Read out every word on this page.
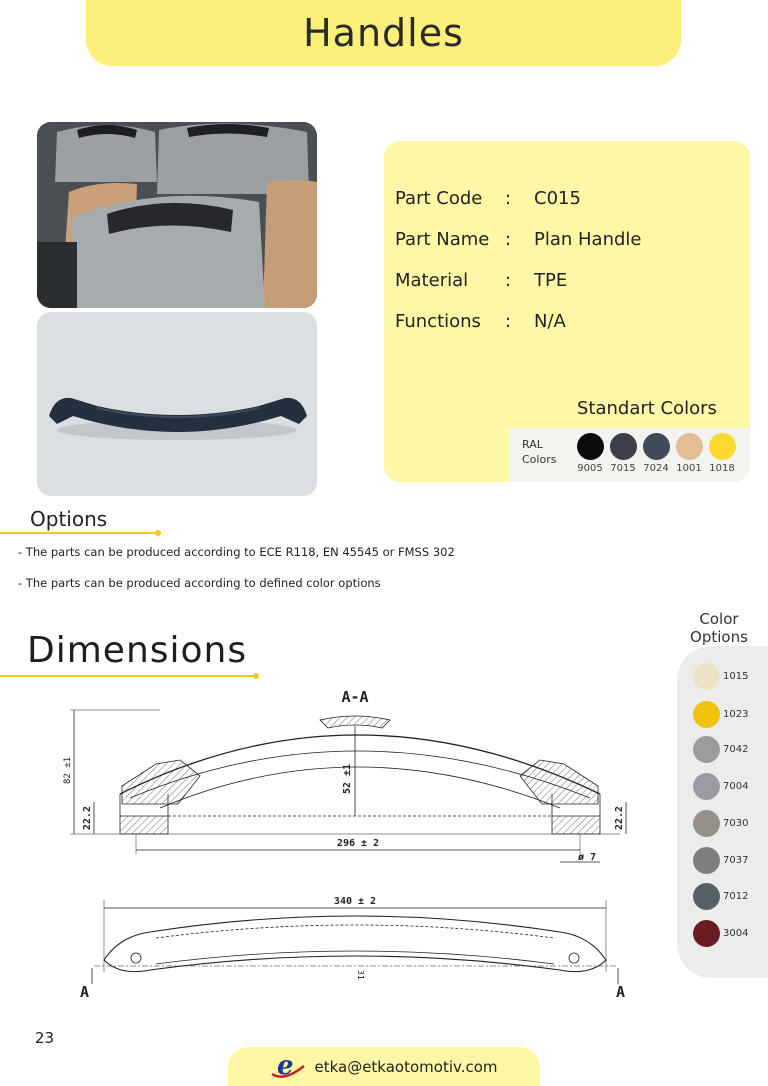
Handles
Part Code : C015
Part Name : Plan Handle
Material : TPE
Functions : N/A
Standart Colors
RAL
Colors
9005 7015 7024 1001 1018
Options
- The parts can be produced according to ECE R118, EN 45545 or FMSS 302
- The parts can be produced according to defined color options
Dimensions
A-A
82 ±1	52 ±1
22.2	22.2
296 ± 2
ø 7
340 ± 2
31
A	A
Color
Options
1015
1023
7042
7004
7030
7037
7012
3004
23
e etka@etkaotomotiv.com
